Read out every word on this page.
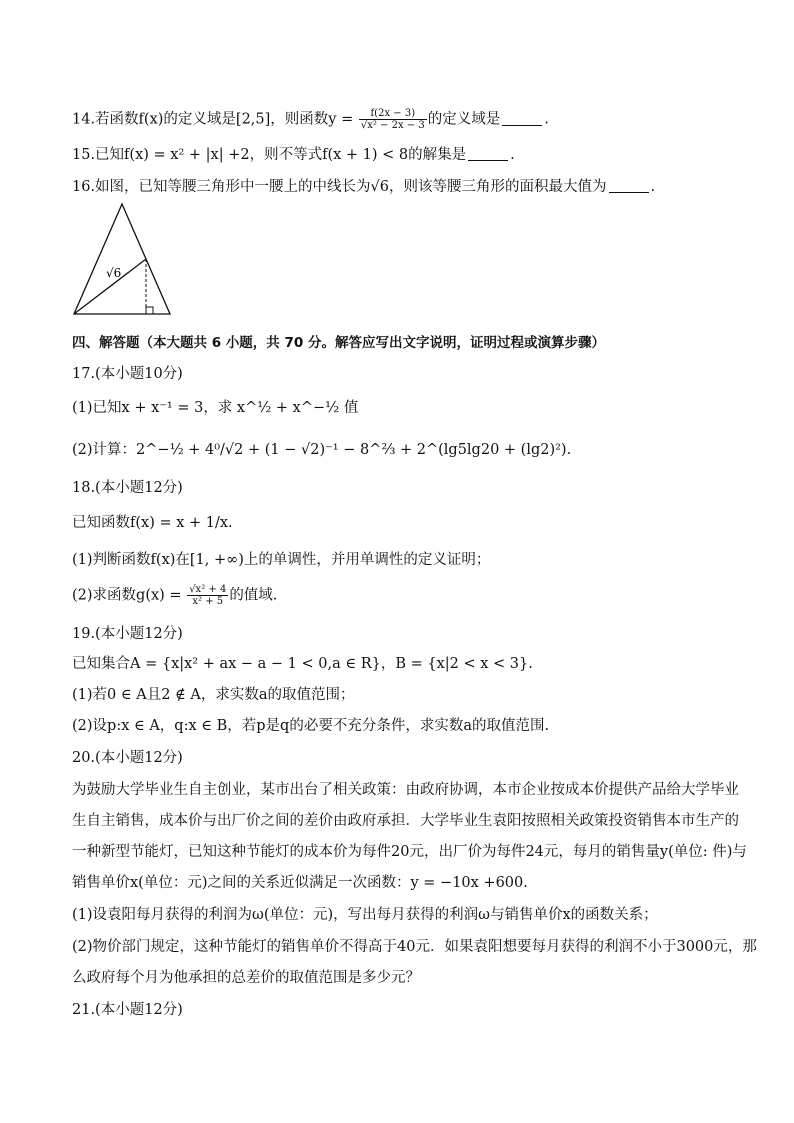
14.若函数f(x)的定义域是[2,5]，则函数$y = \frac{f(2x - 3)}{\text{√x² − 2x − 3}}$ 的定义域是	.
15.已知f(x) = x² + |x| +2，则不等式f(x + 1) < 8的解集是	.
16.如图，已知等腰三角形中一腰上的中线长为√6，则该等腰三角形的面积最大值为	.
√6
四、解答题（本大题共 6 小题，共 70 分。解答应写出文字说明，证明过程或演算步骤）
17.(本小题10分)
(1)已知x + x⁻¹ = 3，求 x^½ + x^−½ 值
(2)计算：2^−½ + 4⁰/√2 + (1 − √2)⁻¹ − 8^⅔ + 2^(lg5lg20 + (lg2)²).
18.(本小题12分)
已知函数f(x) = x + 1/x.
(1)判断函数f(x)在[1, +∞)上的单调性，并用单调性的定义证明；
(2)求函数$g(x) = \frac{\text{√x² + 4}}{\text{x² + 5}}$ 的值域.
19.(本小题12分)
已知集合A = {x|x² + ax − a − 1 < 0,a ∈ R}，B = {x|2 < x < 3}.
(1)若0 ∈ A且2 ∉ A，求实数a的取值范围；
(2)设p:x ∈ A，q:x ∈ B，若p是q的必要不充分条件，求实数a的取值范围.
20.(本小题12分)
为鼓励大学毕业生自主创业，某市出台了相关政策：由政府协调，本市企业按成本价提供产品给大学毕业
生自主销售，成本价与出厂价之间的差价由政府承担．大学毕业生袁阳按照相关政策投资销售本市生产的
一种新型节能灯，已知这种节能灯的成本价为每件20元，出厂价为每件24元，每月的销售量y(单位: 件)与
销售单价x(单位：元)之间的关系近似满足一次函数：y = −10x +600.
(1)设袁阳每月获得的利润为ω(单位：元)，写出每月获得的利润ω与销售单价x的函数关系；
(2)物价部门规定，这种节能灯的销售单价不得高于40元．如果袁阳想要每月获得的利润不小于3000元，那
么政府每个月为他承担的总差价的取值范围是多少元？
21.(本小题12分)
